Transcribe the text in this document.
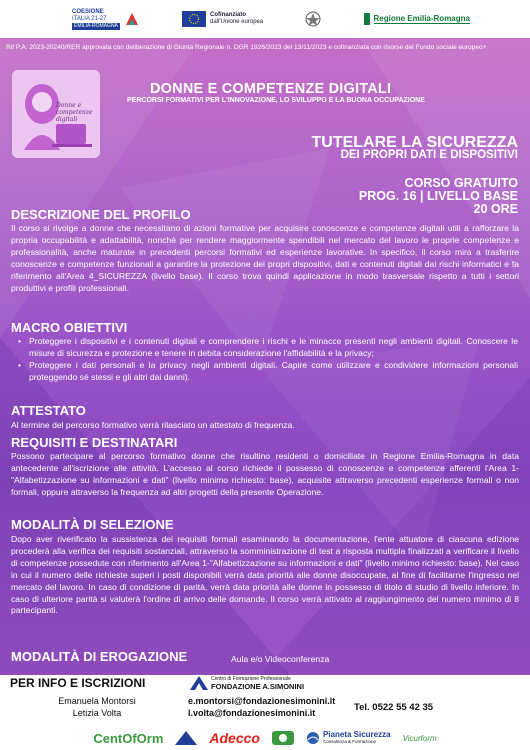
COESIONE
ITALIA 21-27
EMILIA-ROMAGNA
Cofinanziato
dall'Unione europea	Regione Emilia-Romagna
Rif P.A: 2023-20240/RER approvata con deliberazione di Giunta Regionale n. DGR 1926/2023 del 13/11/2023 e cofinanziata con risorse del Fondo sociale europeo+
Donne e competenze digitali
DONNE E COMPETENZE DIGITALI
PERCORSI FORMATIVI PER L'INNOVAZIONE, LO SVILUPPO E LA BUONA OCCUPAZIONE
TUTELARE LA SICUREZZA
DEI PROPRI DATI E DISPOSITIVI
CORSO GRATUITO
PROG. 16 | LIVELLO BASE
20 ORE
DESCRIZIONE DEL PROFILO
Il corso si rivolge a donne che necessitano di azioni formative per acquisire conoscenze e competenze digitali utili a rafforzare la propria occupabilità e adattabilità, nonché per rendere maggiormente spendibili nel mercato del lavoro le proprie competenze e professionalità, anche maturate in precedenti percorsi formativi ed esperienze lavorative. In specifico, il corso mira a trasferire conoscenze e competenze funzionali a garantire la protezione dei propri dispositivi, dati e contenuti digitali dai rischi informatici e fa riferimento all'Area 4_SICUREZZA (livello base). Il corso trova quindi applicazione in modo trasversale rispetto a tutti i settori produttivi e profili professionali.
MACRO OBIETTIVI
• Proteggere i dispositivi e i contenuti digitali e comprendere i rischi e le minacce presenti negli ambienti digitali. Conoscere le misure di sicurezza e protezione e tenere in debita considerazione l'affidabilità e la privacy;
• Proteggere i dati personali e la privacy negli ambienti digitali. Capire come utilizzare e condividere informazioni personali proteggendo sé stessi e gli altri dai danni).
ATTESTATO
Al termine del percorso formativo verrà rilasciato un attestato di frequenza.
REQUISITI E DESTINATARI
Possono partecipare al percorso formativo donne che risultino residenti o domiciliate in Regione Emilia-Romagna in data antecedente all'iscrizione alle attività. L'accesso al corso richiede il possesso di conoscenze e competenze afferenti l'Area 1-"Alfabetizzazione su informazioni e dati" (livello minimo richiesto: base), acquisite attraverso precedenti esperienze formali o non formali, oppure attraverso la frequenza ad altri progetti della presente Operazione.
MODALITÀ DI SELEZIONE
Dopo aver riverificato la sussistenza dei requisiti formali esaminando la documentazione, l'ente attuatore di ciascuna edizione procederà alla verifica dei requisiti sostanziali, attraverso la somministrazione di test a risposta multipla finalizzati a verificare il livello di competenze possedute con riferimento all'Area 1-"Alfabetizzazione su informazioni e dati" (livello minimo richiesto: base). Nel caso in cui il numero delle richieste superi i posti disponibili verrà data priorità alle donne disoccupate, al fine di facilitarne l'ingresso nel mercato del lavoro. In caso di condizione di parità, verrà data priorità alle donne in possesso di titolo di studio di livello inferiore. In caso di ulteriore parità si valuterà l'ordine di arrivo delle domande. Il corso verrà attivato al raggiungimento del numero minimo di 8 partecipanti.
MODALITÀ DI EROGAZIONE	Aula e/o Videoconferenza
PER INFO E ISCRIZIONI	Centro di Formazione Professionale
FONDAZIONE A.SIMONINI
Emanuela Montorsi
Letizia Volta
e.montorsi@fondazionesimonini.it
l.volta@fondazionesimonini.it	Tel. 0522 55 42 35
CentOfOrm	Adecco	Pianeta Sicurezza
Consulenza & Formazione	Vicurform
